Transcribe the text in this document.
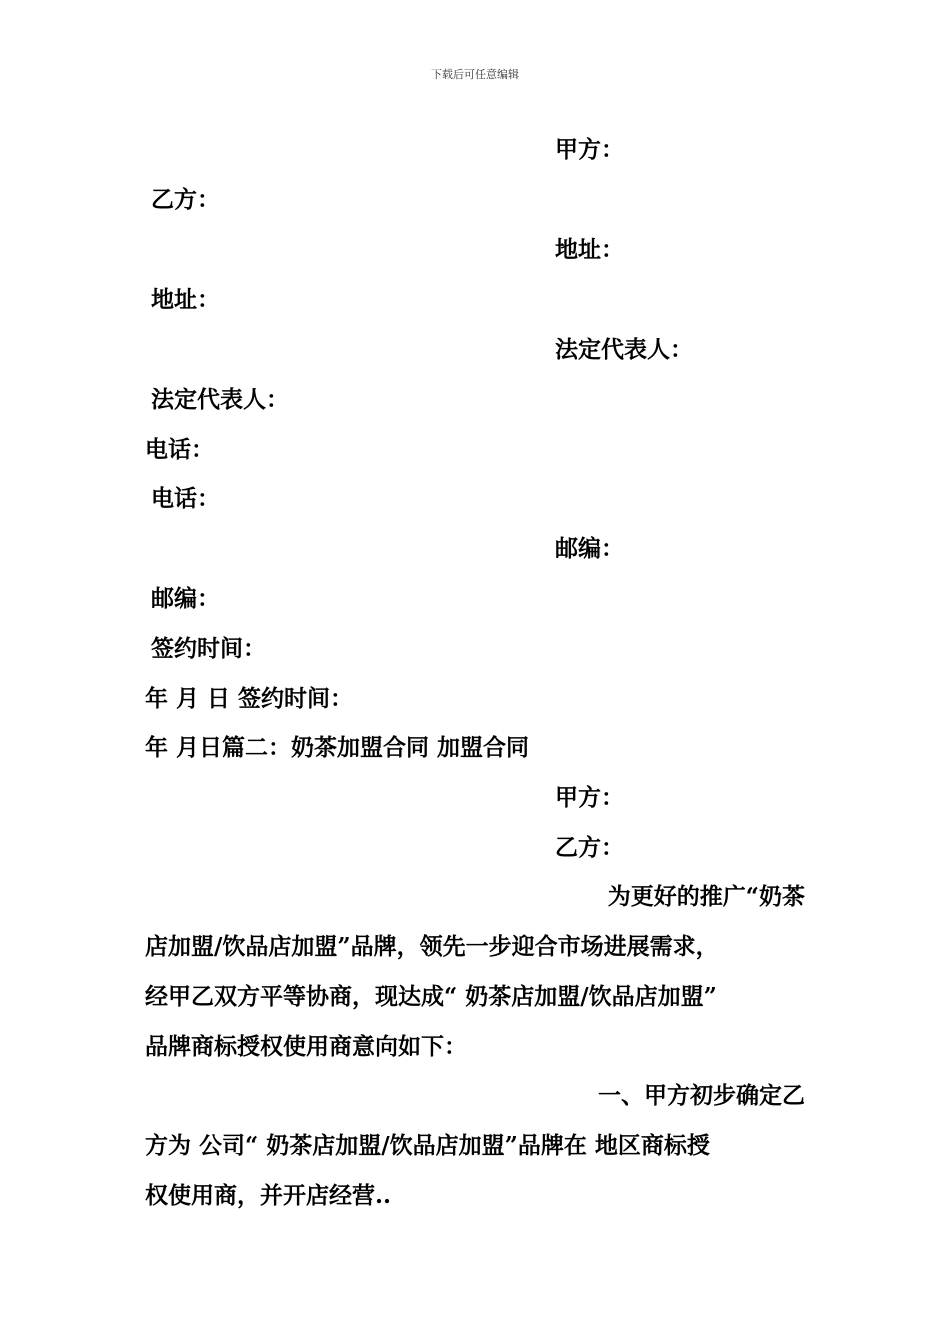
下载后可任意编辑
甲方：
乙方：
地址：
地址：
法定代表人：
法定代表人：
电话：
电话：
邮编：
邮编：
签约时间：
年 月 日 签约时间：
年 月日篇二：奶茶加盟合同 加盟合同
甲方：
乙方：
为更好的推广“奶茶
店加盟/饮品店加盟”品牌，领先一步迎合市场进展需求，
经甲乙双方平等协商，现达成“ 奶茶店加盟/饮品店加盟”
品牌商标授权使用商意向如下：
一、甲方初步确定乙
方为 公司“ 奶茶店加盟/饮品店加盟”品牌在 地区商标授
权使用商，并开店经营..
